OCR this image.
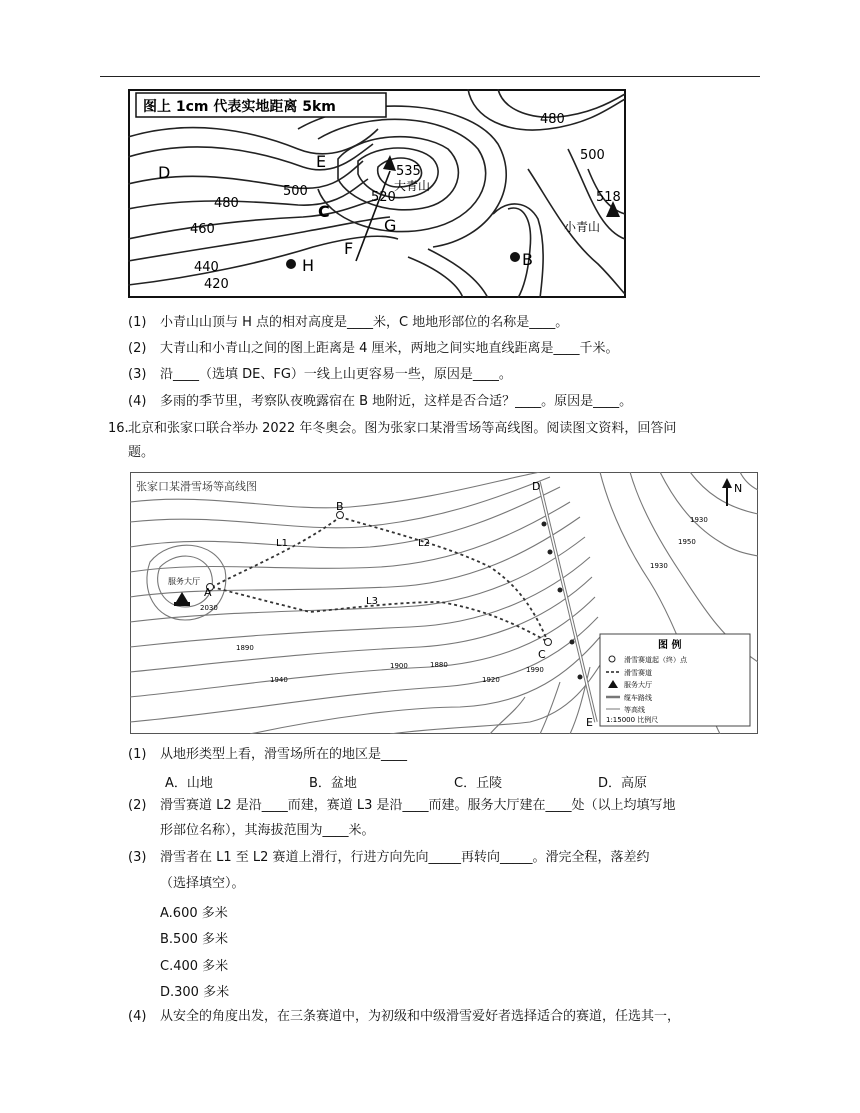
图上 1cm 代表实地距离 5km
D
E
C
F
G
H	B
大青山
小青山
480
500
535
520
500
480
460
440
420
518
(1) 小青山山顶与 H 点的相对高度是____米，C 地地形部位的名称是____。
(2) 大青山和小青山之间的图上距离是 4 厘米，两地之间实地直线距离是____千米。
(3) 沿____（选填 DE、FG）一线上山更容易一些，原因是____。
(4) 多雨的季节里，考察队夜晚露宿在 B 地附近，这样是否合适？____。原因是____。
16. 北京和张家口联合举办 2022 年冬奥会。图为张家口某滑雪场等高线图。阅读图文资料，回答问
题。
张家口某滑雪场等高线图	N
服务大厅
A
B
C
D
E
L1	L2
L3
2030
1950
1930
1890
1940
1900	1880
1920
1990
1930
图 例
滑雪赛道起（终）点
滑雪赛道
服务大厅
缆车路线
等高线
1:15000 比例尺
(1) 从地形类型上看，滑雪场所在的地区是____
A．山地	B．盆地	C．丘陵	D．高原
(2) 滑雪赛道 L2 是沿____而建，赛道 L3 是沿____而建。服务大厅建在____处（以上均填写地
形部位名称），其海拔范围为____米。
(3) 滑雪者在 L1 至 L2 赛道上滑行，行进方向先向_____再转向_____。滑完全程，落差约
（选择填空）。
A.600 多米
B.500 多米
C.400 多米
D.300 多米
(4) 从安全的角度出发，在三条赛道中，为初级和中级滑雪爱好者选择适合的赛道，任选其一，
